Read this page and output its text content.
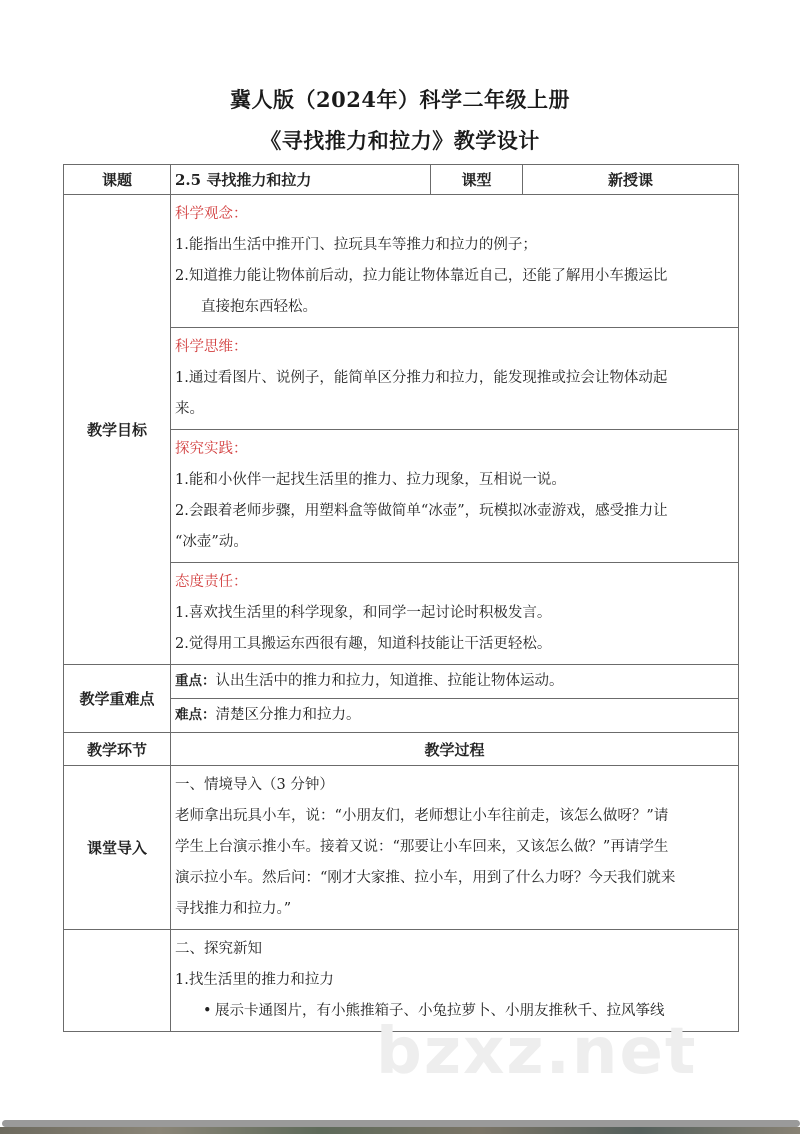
冀人版（2024年）科学二年级上册
《寻找推力和拉力》教学设计
课题	2.5 寻找推力和拉力	课型	新授课
教学目标	科学观念：
1.能指出生活中推开门、拉玩具车等推力和拉力的例子；
2.知道推力能让物体前后动，拉力能让物体靠近自己，还能了解用小车搬运比
直接抱东西轻松。		

	科学思维：
1.通过看图片、说例子，能简单区分推力和拉力，能发现推或拉会让物体动起
来。		

	探究实践：
1.能和小伙伴一起找生活里的推力、拉力现象，互相说一说。
2.会跟着老师步骤，用塑料盒等做简单“冰壶”，玩模拟冰壶游戏，感受推力让
“冰壶”动。		

	态度责任：
1.喜欢找生活里的科学现象，和同学一起讨论时积极发言。
2.觉得用工具搬运东西很有趣，知道科技能让干活更轻松。		

教学重难点	重点：认出生活中的推力和拉力，知道推、拉能让物体运动。		
	难点：清楚区分推力和拉力。		
教学环节	教学过程		
课堂导入	一、情境导入（3 分钟）
老师拿出玩具小车，说：“小朋友们，老师想让小车往前走，该怎么做呀？”请
学生上台演示推小车。接着又说：“那要让小车回来，又该怎么做？”再请学生
演示拉小车。然后问：“刚才大家推、拉小车，用到了什么力呀？今天我们就来
寻找推力和拉力。”		

	二、探究新知
1.找生活里的推力和拉力
• 展示卡通图片，有小熊推箱子、小兔拉萝卜、小朋友推秋千、拉风筝线		
bzxz.net
